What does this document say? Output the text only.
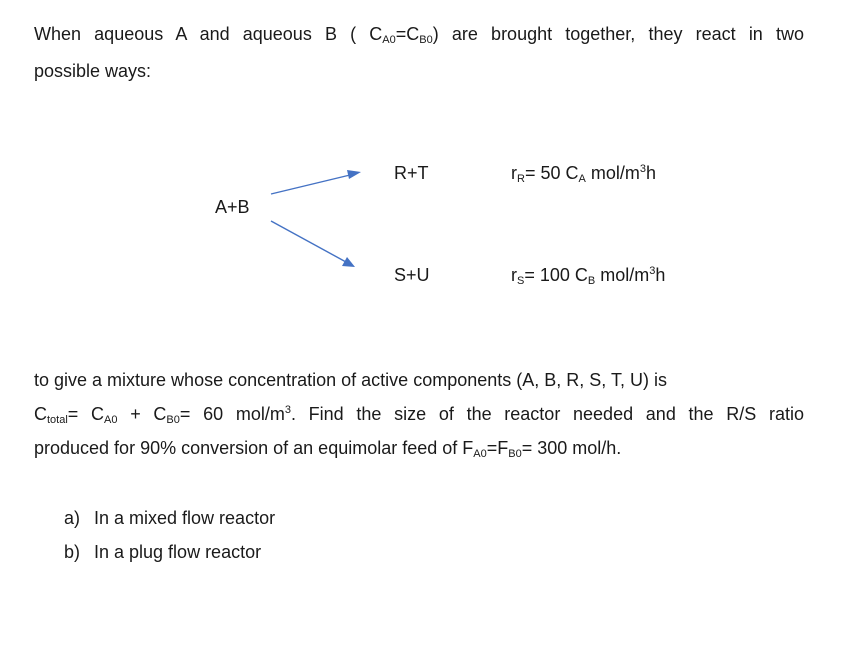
When aqueous A and aqueous B ( $C_{A0}=C_{B0}$) are brought together, they react in two
possible ways:
A+B
R+T
S+U
$r_R= 50$ $C_A$ mol/$m^3h$
$r_S= 100$ $C_B$ mol/$m^3h$
to give a mixture whose concentration of active components (A, B, R, S, T, U) is
$C_{total}= C_{A0} + C_{B0}= 60$ mol/$m^3$. Find the size of the reactor needed and the R/S ratio
produced for 90% conversion of an equimolar feed of $F_{A0}=F_{B0}= 300$ mol/h.
a) In a mixed flow reactor
b) In a plug flow reactor
